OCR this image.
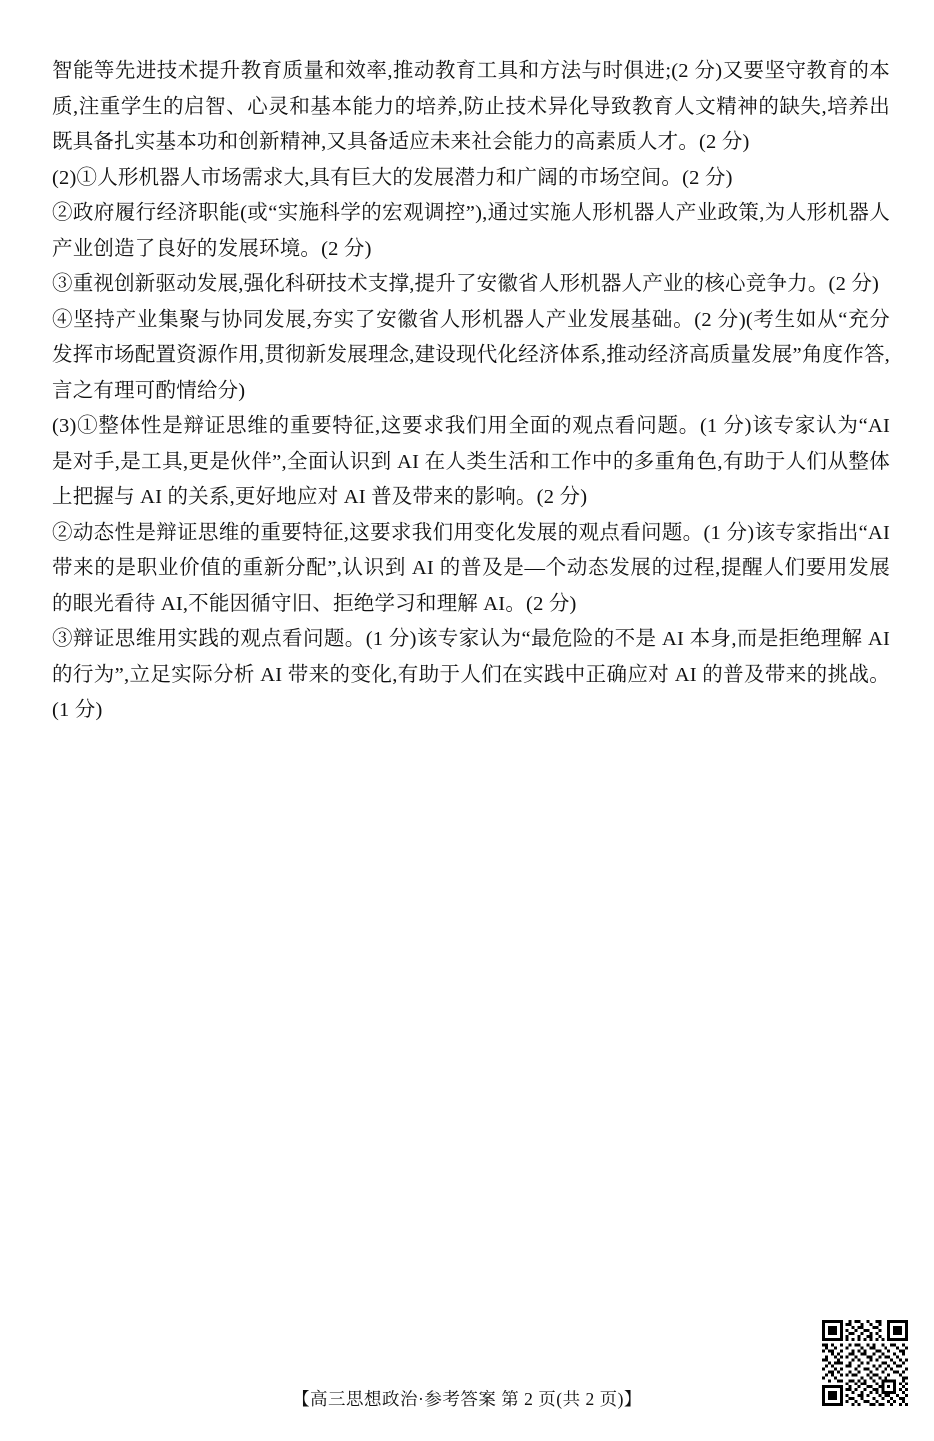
智能等先进技术提升教育质量和效率,推动教育工具和方法与时俱进;(2 分)又要坚守教育的本质,注重学生的启智、心灵和基本能力的培养,防止技术异化导致教育人文精神的缺失,培养出既具备扎实基本功和创新精神,又具备适应未来社会能力的高素质人才。(2 分)

(2)①人形机器人市场需求大,具有巨大的发展潜力和广阔的市场空间。(2 分)

②政府履行经济职能(或“实施科学的宏观调控”),通过实施人形机器人产业政策,为人形机器人产业创造了良好的发展环境。(2 分)

③重视创新驱动发展,强化科研技术支撑,提升了安徽省人形机器人产业的核心竞争力。(2 分)

④坚持产业集聚与协同发展,夯实了安徽省人形机器人产业发展基础。(2 分)(考生如从“充分发挥市场配置资源作用,贯彻新发展理念,建设现代化经济体系,推动经济高质量发展”角度作答,言之有理可酌情给分)

(3)①整体性是辩证思维的重要特征,这要求我们用全面的观点看问题。(1 分)该专家认为“AI 是对手,是工具,更是伙伴”,全面认识到 AI 在人类生活和工作中的多重角色,有助于人们从整体上把握与 AI 的关系,更好地应对 AI 普及带来的影响。(2 分)

②动态性是辩证思维的重要特征,这要求我们用变化发展的观点看问题。(1 分)该专家指出“AI 带来的是职业价值的重新分配”,认识到 AI 的普及是—个动态发展的过程,提醒人们要用发展的眼光看待 AI,不能因循守旧、拒绝学习和理解 AI。(2 分)

③辩证思维用实践的观点看问题。(1 分)该专家认为“最危险的不是 AI 本身,而是拒绝理解 AI 的行为”,立足实际分析 AI 带来的变化,有助于人们在实践中正确应对 AI 的普及带来的挑战。(1 分)

【高三思想政治·参考答案 第 2 页(共 2 页)】
